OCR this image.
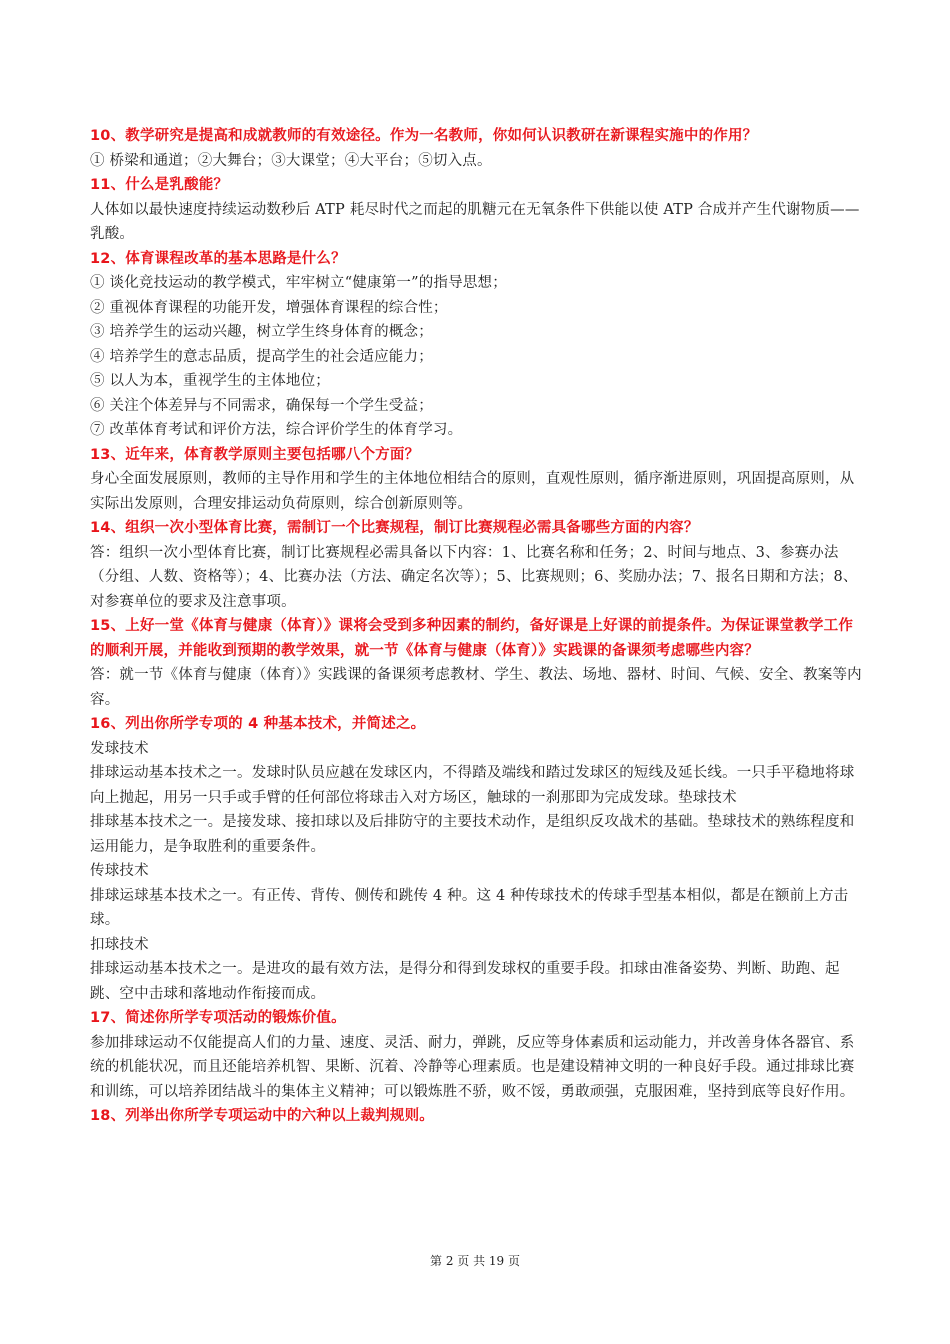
10、教学研究是提高和成就教师的有效途径。作为一名教师，你如何认识教研在新课程实施中的作用？

① 桥梁和通道；②大舞台；③大课堂；④大平台；⑤切入点。

11、什么是乳酸能？

人体如以最快速度持续运动数秒后 ATP 耗尽时代之而起的肌糖元在无氧条件下供能以使 ATP 合成并产生代谢物质——乳酸。

12、体育课程改革的基本思路是什么？

① 谈化竞技运动的教学模式，牢牢树立“健康第一”的指导思想；

② 重视体育课程的功能开发，增强体育课程的综合性；

③ 培养学生的运动兴趣，树立学生终身体育的概念；

④ 培养学生的意志品质，提高学生的社会适应能力；

⑤ 以人为本，重视学生的主体地位；

⑥ 关注个体差异与不同需求，确保每一个学生受益；

⑦ 改革体育考试和评价方法，综合评价学生的体育学习。

13、近年来，体育教学原则主要包括哪八个方面？

身心全面发展原则，教师的主导作用和学生的主体地位相结合的原则，直观性原则，循序渐进原则，巩固提高原则，从实际出发原则，合理安排运动负荷原则，综合创新原则等。

14、组织一次小型体育比赛，需制订一个比赛规程，制订比赛规程必需具备哪些方面的内容？

答：组织一次小型体育比赛，制订比赛规程必需具备以下内容：1、比赛名称和任务；2、时间与地点、3、参赛办法（分组、人数、资格等）；4、比赛办法（方法、确定名次等）；5、比赛规则；6、奖励办法；7、报名日期和方法；8、对参赛单位的要求及注意事项。

15、上好一堂《体育与健康（体育）》课将会受到多种因素的制约，备好课是上好课的前提条件。为保证课堂教学工作的顺利开展，并能收到预期的教学效果，就一节《体育与健康（体育）》实践课的备课须考虑哪些内容？

答：就一节《体育与健康（体育）》实践课的备课须考虑教材、学生、教法、场地、器材、时间、气候、安全、教案等内容。

16、列出你所学专项的 4 种基本技术，并简述之。

发球技术

排球运动基本技术之一。发球时队员应越在发球区内，不得踏及端线和踏过发球区的短线及延长线。一只手平稳地将球向上抛起，用另一只手或手臂的任何部位将球击入对方场区，触球的一刹那即为完成发球。垫球技术

排球基本技术之一。是接发球、接扣球以及后排防守的主要技术动作，是组织反攻战术的基础。垫球技术的熟练程度和运用能力，是争取胜利的重要条件。

传球技术

排球运球基本技术之一。有正传、背传、侧传和跳传 4 种。这 4 种传球技术的传球手型基本相似，都是在额前上方击球。

扣球技术

排球运动基本技术之一。是进攻的最有效方法，是得分和得到发球权的重要手段。扣球由准备姿势、判断、助跑、起跳、空中击球和落地动作衔接而成。

17、简述你所学专项活动的锻炼价值。

参加排球运动不仅能提高人们的力量、速度、灵活、耐力，弹跳，反应等身体素质和运动能力，并改善身体各器官、系统的机能状况，而且还能培养机智、果断、沉着、冷静等心理素质。也是建设精神文明的一种良好手段。通过排球比赛和训练，可以培养团结战斗的集体主义精神；可以锻炼胜不骄，败不馁，勇敢顽强，克服困难，坚持到底等良好作用。

18、列举出你所学专项运动中的六种以上裁判规则。

第 2 页 共 19 页
